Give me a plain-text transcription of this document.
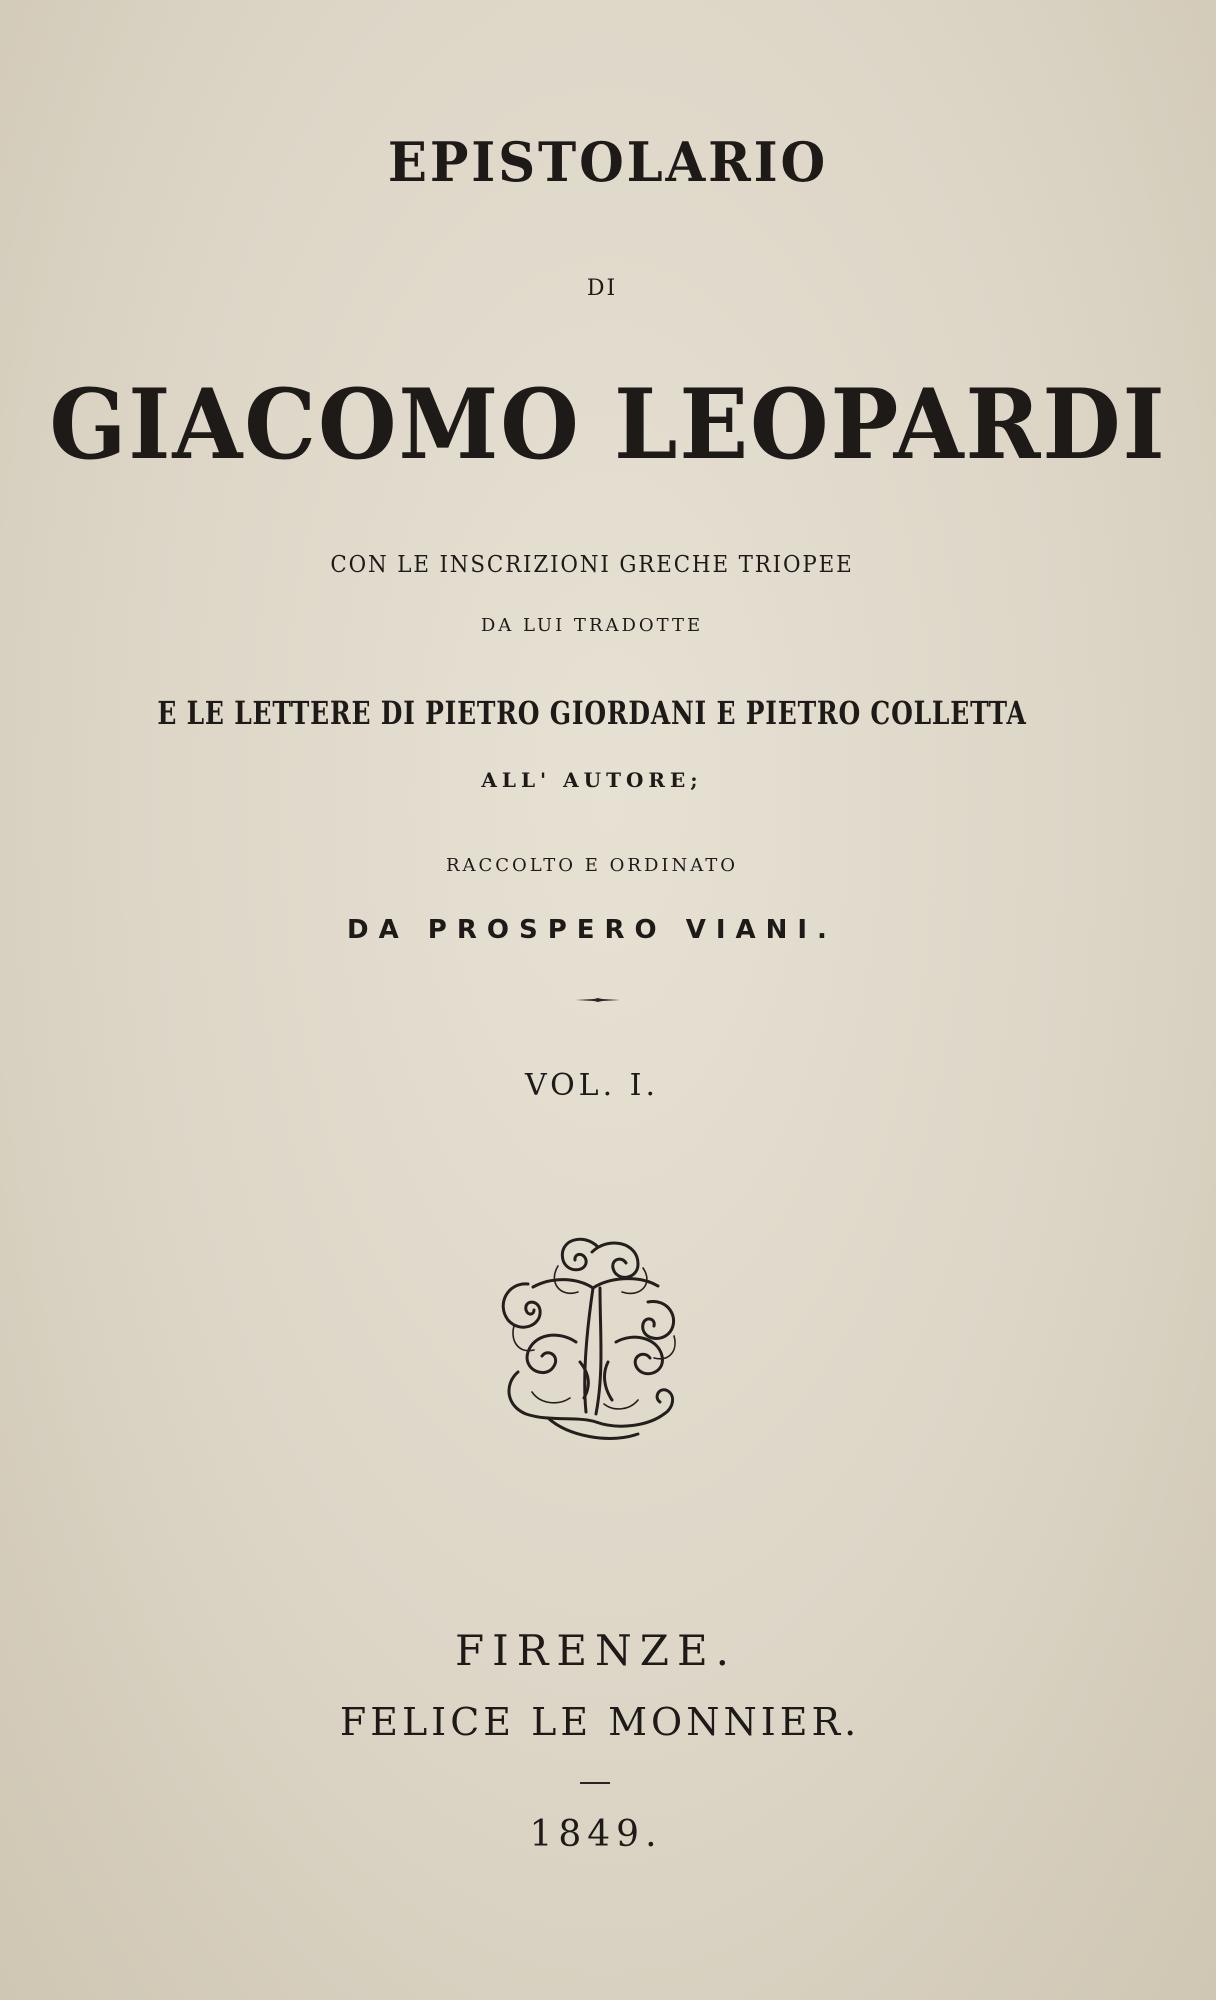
EPISTOLARIO
DI
GIACOMO LEOPARDI
CON LE INSCRIZIONI GRECHE TRIOPEE
DA LUI TRADOTTE
E LE LETTERE DI PIETRO GIORDANI E PIETRO COLLETTA
ALL' AUTORE;
RACCOLTO E ORDINATO
DA PROSPERO VIANI.
VOL. I.
FIRENZE.
FELICE LE MONNIER.
1849.
